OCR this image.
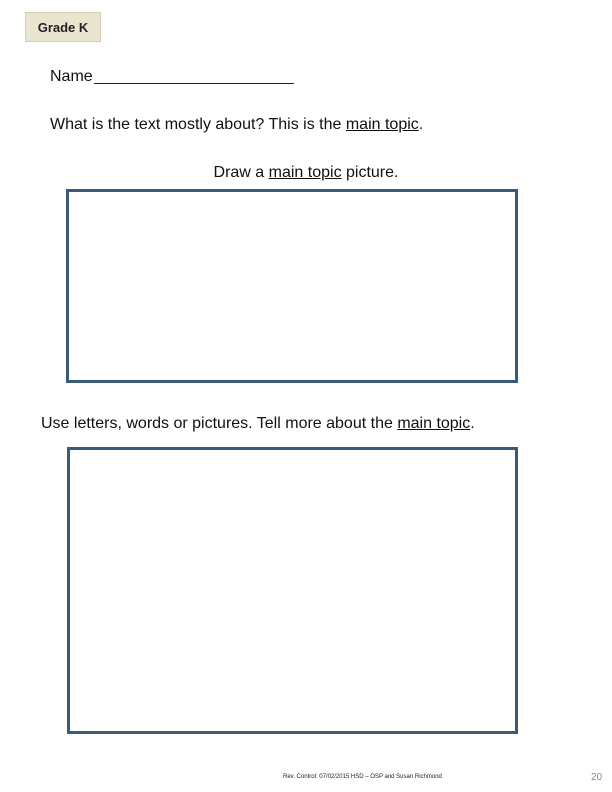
Grade K
Name
What is the text mostly about? This is the main topic.
Draw a main topic picture.
Use letters, words or pictures. Tell more about the main topic.
Rev. Control: 07/02/2015 HSD – OSP and Susan Richmond	20
